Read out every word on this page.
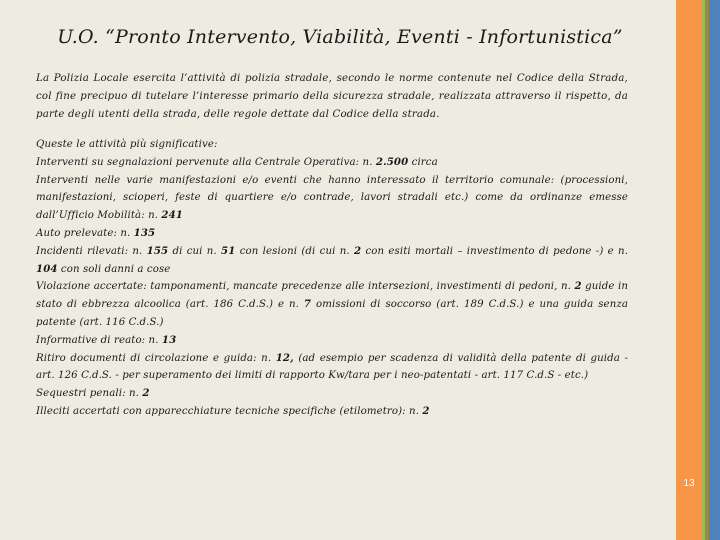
U.O. “Pronto Intervento, Viabilità, Eventi - Infortunistica”
La Polizia Locale esercita l’attività di polizia stradale, secondo le norme contenute nel Codice della Strada, col fine precipuo di tutelare l’interesse primario della sicurezza stradale, realizzata attraverso il rispetto, da parte degli utenti della strada, delle regole dettate dal Codice della strada.

Queste le attività più significative:

Interventi su segnalazioni pervenute alla Centrale Operativa: n. 2.500 circa

Interventi nelle varie manifestazioni e/o eventi che hanno interessato il territorio comunale: (processioni, manifestazioni, scioperi, feste di quartiere e/o contrade, lavori stradali etc.) come da ordinanze emesse dall’Ufficio Mobilità: n. 241

Auto prelevate: n. 135

Incidenti rilevati: n. 155 di cui n. 51 con lesioni (di cui n. 2 con esiti mortali – investimento di pedone -) e n. 104 con soli danni a cose

Violazione accertate: tamponamenti, mancate precedenze alle intersezioni, investimenti di pedoni, n. 2 guide in stato di ebbrezza alcoolica (art. 186 C.d.S.) e n. 7 omissioni di soccorso (art. 189 C.d.S.) e una guida senza patente (art. 116 C.d.S.)

Informative di reato: n. 13

Ritiro documenti di circolazione e guida: n. 12, (ad esempio per scadenza di validità della patente di guida - art. 126 C.d.S. - per superamento dei limiti di rapporto Kw/tara per i neo-patentati - art. 117 C.d.S - etc.)

Sequestri penali: n. 2

Illeciti accertati con apparecchiature tecniche specifiche (etilometro): n. 2

13
